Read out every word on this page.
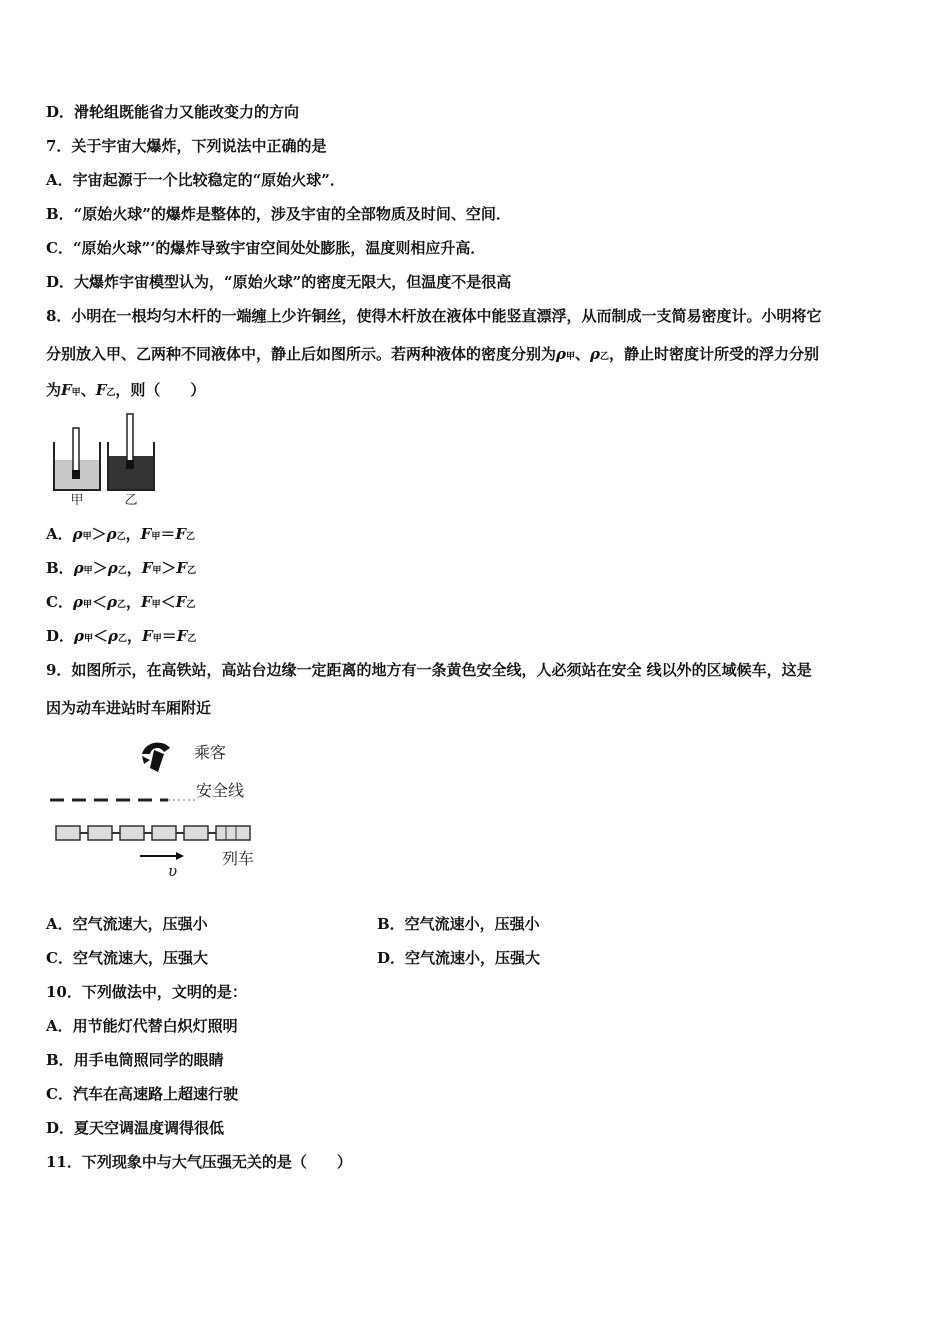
D．滑轮组既能省力又能改变力的方向
7．关于宇宙大爆炸，下列说法中正确的是
A．宇宙起源于一个比较稳定的“原始火球”．
B．“原始火球”的爆炸是整体的，涉及宇宙的全部物质及时间、空间．
C．“原始火球”’的爆炸导致宇宙空间处处膨胀，温度则相应升高．
D．大爆炸宇宙模型认为，“原始火球”的密度无限大，但温度不是很高
8．小明在一根均匀木杆的一端缠上少许铜丝，使得木杆放在液体中能竖直漂浮，从而制成一支简易密度计。小明将它
分别放入甲、乙两种不同液体中，静止后如图所示。若两种液体的密度分别为ρ甲、ρ乙，静止时密度计所受的浮力分别
为F甲、F乙，则（　　）
甲	乙
A．ρ甲＞ρ乙，F甲＝F乙
B．ρ甲＞ρ乙，F甲＞F乙
C．ρ甲＜ρ乙，F甲＜F乙
D．ρ甲＜ρ乙，F甲＝F乙
9．如图所示，在高铁站，高站台边缘一定距离的地方有一条黄色安全线，人必须站在安全 线以外的区域候车，这是
因为动车进站时车厢附近
乘客
安全线
υ
列车
A．空气流速大，压强小	B．空气流速小，压强小
C．空气流速大，压强大	D．空气流速小，压强大
10．下列做法中，文明的是：
A．用节能灯代替白炽灯照明
B．用手电筒照同学的眼睛
C．汽车在高速路上超速行驶
D．夏天空调温度调得很低
11．下列现象中与大气压强无关的是（　　）
